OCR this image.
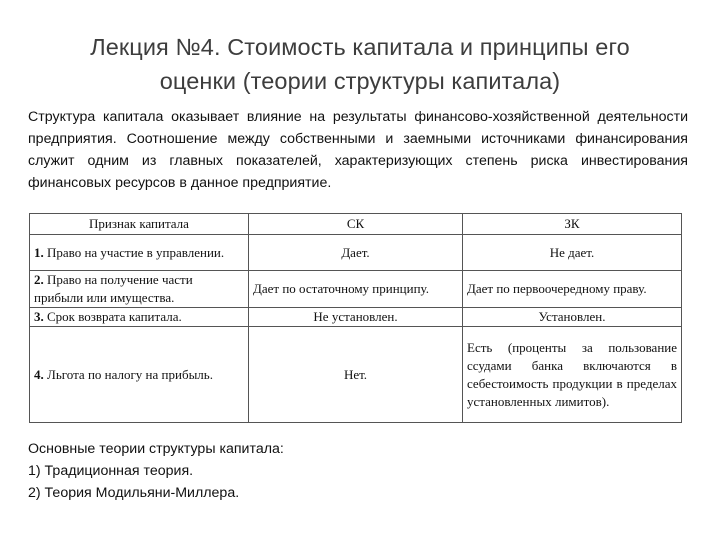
Лекция №4. Стоимость капитала и принципы его
оценки (теории структуры капитала)

Структура капитала оказывает влияние на результаты финансово-хозяйственной деятельности предприятия. Соотношение между собственными и заемными источниками финансирования служит одним из главных показателей, характеризующих степень риска инвестирования финансовых ресурсов в данное предприятие.

Признак капитала	СК	ЗК
1. Право на участие в управлении.	Дает.	Не дает.
2. Право на получение части прибыли или имущества.	Дает по остаточному принципу.	Дает по первоочередному праву.
3. Срок возврата капитала.	Не установлен.	Установлен.
4. Льгота по налогу на прибыль.	Нет.	Есть (проценты за пользование ссудами банка включаются в себестоимость продукции в пределах установленных лимитов).
Основные теории структуры капитала:
1) Традиционная теория.
2) Теория Модильяни-Миллера.
